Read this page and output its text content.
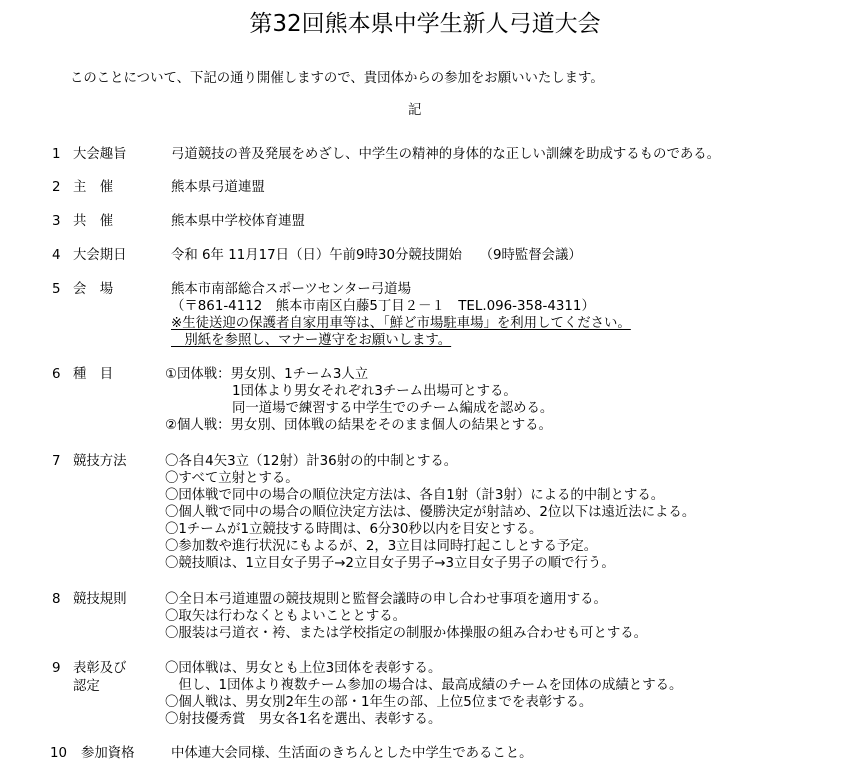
第32回熊本県中学生新人弓道大会
このことについて、下記の通り開催しますので、貴団体からの参加をお願いいたします。
記
1 大会趣旨	弓道競技の普及発展をめざし、中学生の精神的身体的な正しい訓練を助成するものである。
2 主　催	熊本県弓道連盟
3 共　催	熊本県中学校体育連盟
4 大会期日	令和 6年 11月17日（日）午前9時30分競技開始　 （9時監督会議）
5 会　場	熊本市南部総合スポーツセンター弓道場
（〒861-4112　熊本市南区白藤5丁目２－１　TEL.096-358-4311）
※生徒送迎の保護者自家用車等は、「鮮ど市場駐車場」を利用してください。
　別紙を参照し、マナー遵守をお願いします。
6 種　目	①団体戦：男女別、1チーム3人立
　　　　　1団体より男女それぞれ3チーム出場可とする。
　　　　　同一道場で練習する中学生でのチーム編成を認める。
②個人戦：男女別、団体戦の結果をそのまま個人の結果とする。
7 競技方法	〇各自4矢3立（12射）計36射の的中制とする。
〇すべて立射とする。
〇団体戦で同中の場合の順位決定方法は、各自1射（計3射）による的中制とする。
〇個人戦で同中の場合の順位決定方法は、優勝決定が射詰め、2位以下は遠近法による。
〇1チームが1立競技する時間は、6分30秒以内を目安とする。
〇参加数や進行状況にもよるが、2，3立目は同時打起こしとする予定。
〇競技順は、1立目女子男子→2立目女子男子→3立目女子男子の順で行う。
8 競技規則	〇全日本弓道連盟の競技規則と監督会議時の申し合わせ事項を適用する。
〇取矢は行わなくともよいこととする。
〇服装は弓道衣・袴、または学校指定の制服か体操服の組み合わせも可とする。
9 表彰及び
認定
〇団体戦は、男女とも上位3団体を表彰する。
　但し、1団体より複数チーム参加の場合は、最高成績のチームを団体の成績とする。
〇個人戦は、男女別2年生の部・1年生の部、上位5位までを表彰する。
〇射技優秀賞　男女各1名を選出、表彰する。
10 参加資格	中体連大会同様、生活面のきちんとした中学生であること。
